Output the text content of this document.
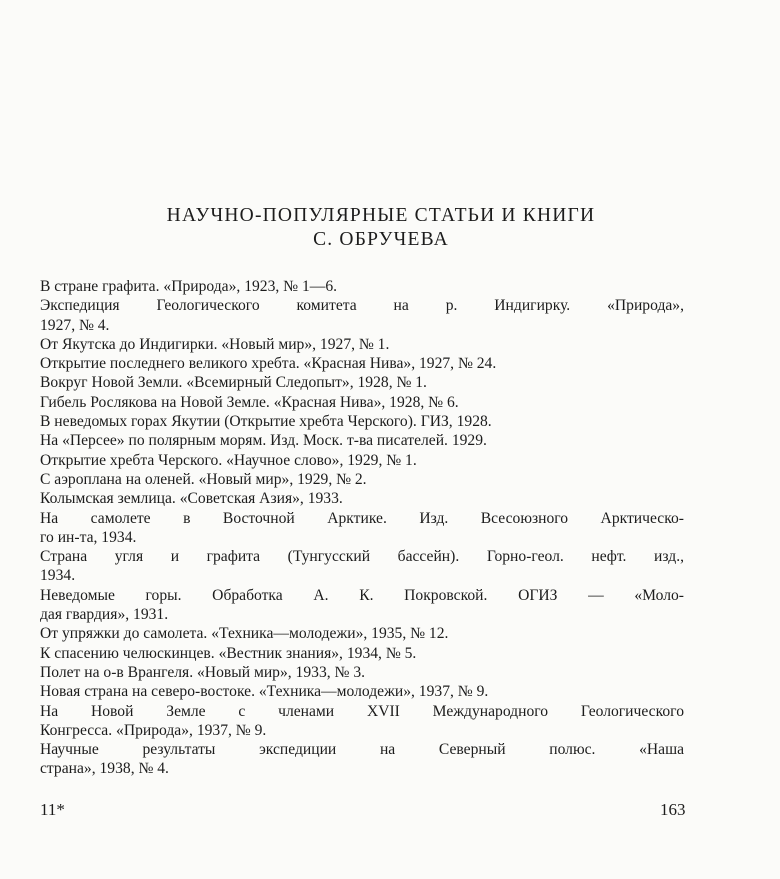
НАУЧНО-ПОПУЛЯРНЫЕ СТАТЬИ И КНИГИ
С. ОБРУЧЕВА
В стране графита. «Природа», 1923, № 1—6.
Экспедиция Геологического комитета на р. Индигирку. «Природа»,
1927, № 4.
От Якутска до Индигирки. «Новый мир», 1927, № 1.
Открытие последнего великого хребта. «Красная Нива», 1927, № 24.
Вокруг Новой Земли. «Всемирный Следопыт», 1928, № 1.
Гибель Рослякова на Новой Земле. «Красная Нива», 1928, № 6.
В неведомых горах Якутии (Открытие хребта Черского). ГИЗ, 1928.
На «Персее» по полярным морям. Изд. Моск. т-ва писателей. 1929.
Открытие хребта Черского. «Научное слово», 1929, № 1.
С аэроплана на оленей. «Новый мир», 1929, № 2.
Колымская землица. «Советская Азия», 1933.
На самолете в Восточной Арктике. Изд. Всесоюзного Арктическо-
го ин-та, 1934.
Страна угля и графита (Тунгусский бассейн). Горно-геол. нефт. изд.,
1934.
Неведомые горы. Обработка А. К. Покровской. ОГИЗ — «Моло-
дая гвардия», 1931.
От упряжки до самолета. «Техника—молодежи», 1935, № 12.
К спасению челюскинцев. «Вестник знания», 1934, № 5.
Полет на о-в Врангеля. «Новый мир», 1933, № 3.
Новая страна на северо-востоке. «Техника—молодежи», 1937, № 9.
На Новой Земле с членами XVII Международного Геологического
Конгресса. «Природа», 1937, № 9.
Научные результаты экспедиции на Северный полюс. «Наша
страна», 1938, № 4.
11*	163
